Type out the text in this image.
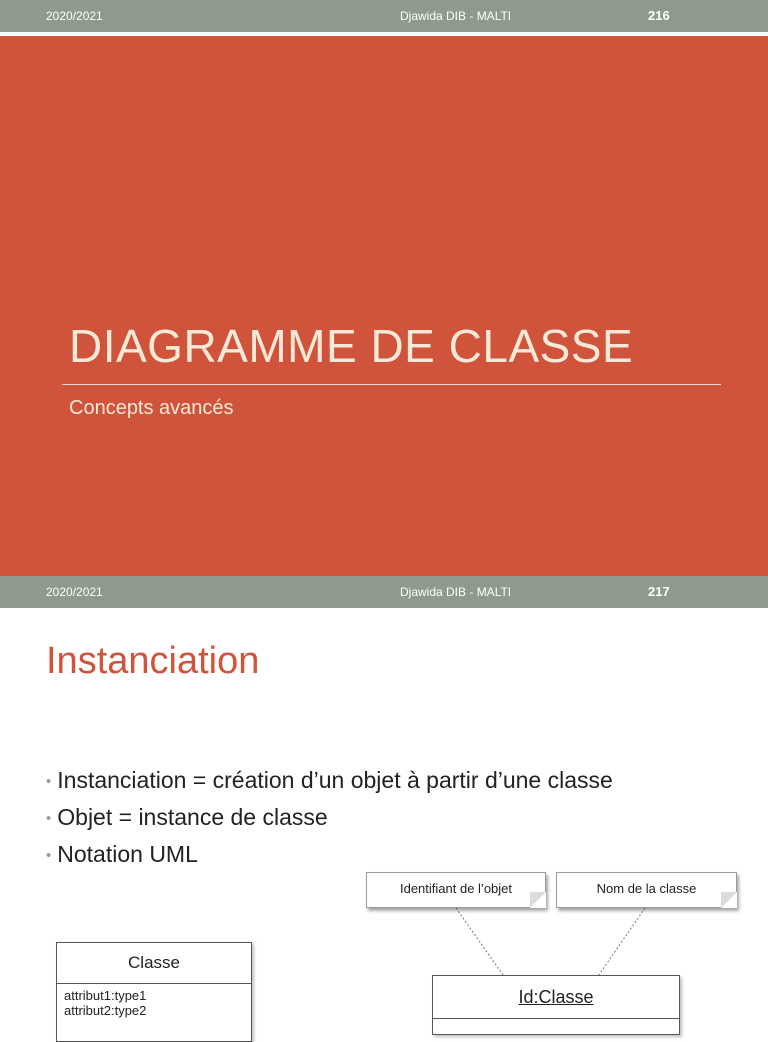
2020/2021	Djawida DIB - MALTI	216
DIAGRAMME DE CLASSE

Concepts avancés

2020/2021	Djawida DIB - MALTI	217
Instanciation
• Instanciation = création d’un objet à partir d’une classe
• Objet = instance de classe
• Notation UML
Identifiant de l’objet	Nom de la classe
Classe
attribut1:type1
attribut2:type2
Id:Classe
